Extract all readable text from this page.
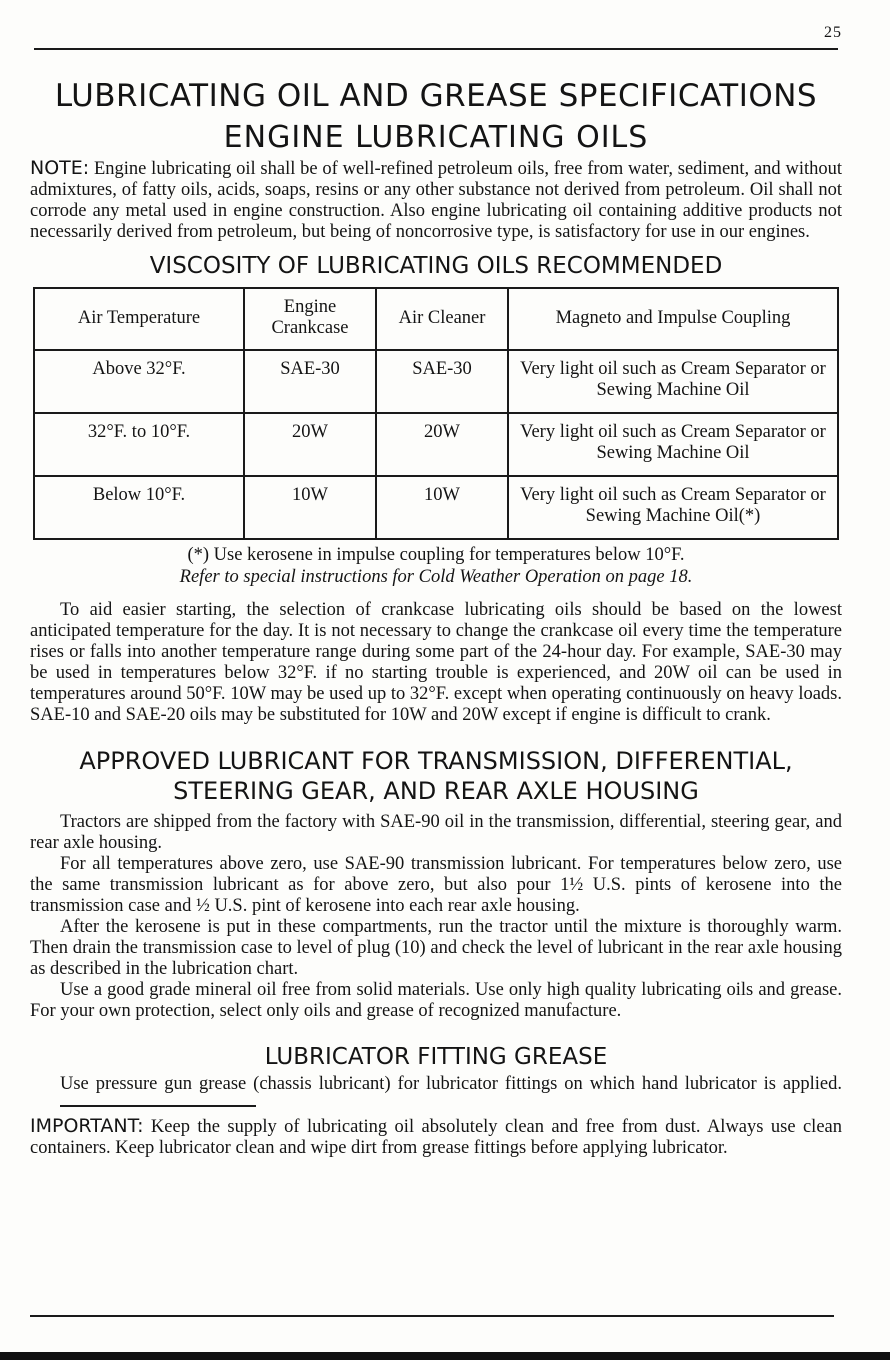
25
LUBRICATING OIL AND GREASE SPECIFICATIONS
ENGINE LUBRICATING OILS

NOTE: Engine lubricating oil shall be of well-refined petroleum oils, free from water, sediment, and without admixtures, of fatty oils, acids, soaps, resins or any other substance not derived from petroleum. Oil shall not corrode any metal used in engine construction. Also engine lubricating oil containing additive products not necessarily derived from petroleum, but being of noncorrosive type, is satisfactory for use in our engines.

VISCOSITY OF LUBRICATING OILS RECOMMENDED
Air Temperature	Engine Crankcase	Air Cleaner	Magneto and Impulse Coupling
Above 32°F.	SAE-30	SAE-30	Very light oil such as Cream Separator or Sewing Machine Oil
32°F. to 10°F.	20W	20W	Very light oil such as Cream Separator or Sewing Machine Oil
Below 10°F.	10W	10W	Very light oil such as Cream Separator or Sewing Machine Oil(*)
(*) Use kerosene in impulse coupling for temperatures below 10°F.
Refer to special instructions for Cold Weather Operation on page 18.

To aid easier starting, the selection of crankcase lubricating oils should be based on the lowest anticipated temperature for the day. It is not necessary to change the crankcase oil every time the temperature rises or falls into another temperature range during some part of the 24-hour day. For example, SAE-30 may be used in temperatures below 32°F. if no starting trouble is experienced, and 20W oil can be used in temperatures around 50°F. 10W may be used up to 32°F. except when operating continuously on heavy loads. SAE-10 and SAE-20 oils may be substituted for 10W and 20W except if engine is difficult to crank.

APPROVED LUBRICANT FOR TRANSMISSION, DIFFERENTIAL,
STEERING GEAR, AND REAR AXLE HOUSING

Tractors are shipped from the factory with SAE-90 oil in the transmission, differential, steering gear, and rear axle housing.

For all temperatures above zero, use SAE-90 transmission lubricant. For temperatures below zero, use the same transmission lubricant as for above zero, but also pour 1½ U.S. pints of kerosene into the transmission case and ½ U.S. pint of kerosene into each rear axle housing.

After the kerosene is put in these compartments, run the tractor until the mixture is thoroughly warm. Then drain the transmission case to level of plug (10) and check the level of lubricant in the rear axle housing as described in the lubrication chart.

Use a good grade mineral oil free from solid materials. Use only high quality lubricating oils and grease. For your own protection, select only oils and grease of recognized manufacture.

LUBRICATOR FITTING GREASE

Use pressure gun grease (chassis lubricant) for lubricator fittings on which hand lubricator is applied.

IMPORTANT: Keep the supply of lubricating oil absolutely clean and free from dust. Always use clean containers. Keep lubricator clean and wipe dirt from grease fittings before applying lubricator.
